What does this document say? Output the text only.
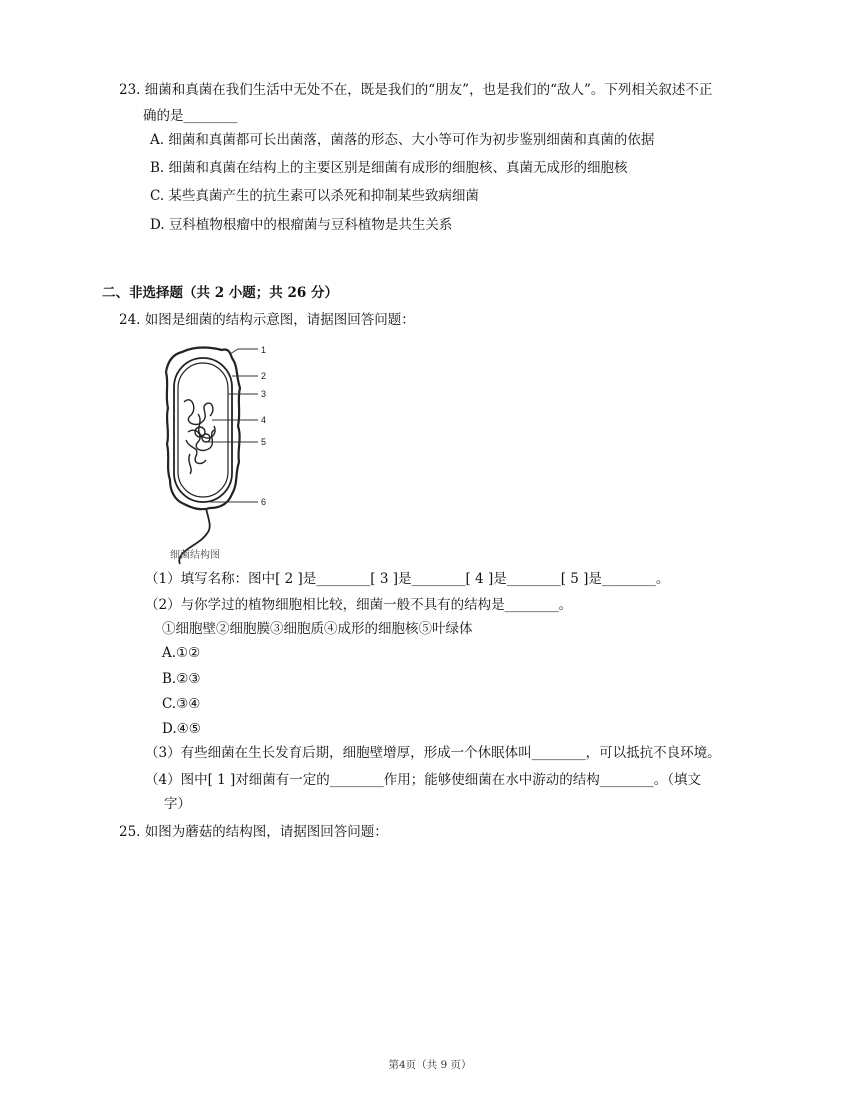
23. 细菌和真菌在我们生活中无处不在，既是我们的“朋友”，也是我们的“敌人”。下列相关叙述不正
确的是________
A. 细菌和真菌都可长出菌落，菌落的形态、大小等可作为初步鉴别细菌和真菌的依据
B. 细菌和真菌在结构上的主要区别是细菌有成形的细胞核、真菌无成形的细胞核
C. 某些真菌产生的抗生素可以杀死和抑制某些致病细菌
D. 豆科植物根瘤中的根瘤菌与豆科植物是共生关系
二、非选择题（共 2 小题；共 26 分）
24. 如图是细菌的结构示意图，请据图回答问题：
1
2
3
4
5
6
细菌结构图
（1）填写名称：图中[ 2 ]是________[ 3 ]是________[ 4 ]是________[ 5 ]是________。
（2）与你学过的植物细胞相比较，细菌一般不具有的结构是________。
①细胞壁②细胞膜③细胞质④成形的细胞核⑤叶绿体
A.①②
B.②③
C.③④
D.④⑤
（3）有些细菌在生长发育后期，细胞壁增厚，形成一个休眠体叫________，可以抵抗不良环境。
（4）图中[ 1 ]对细菌有一定的________作用；能够使细菌在水中游动的结构________。（填文
字）
25. 如图为蘑菇的结构图，请据图回答问题：
第4页（共 9 页）
